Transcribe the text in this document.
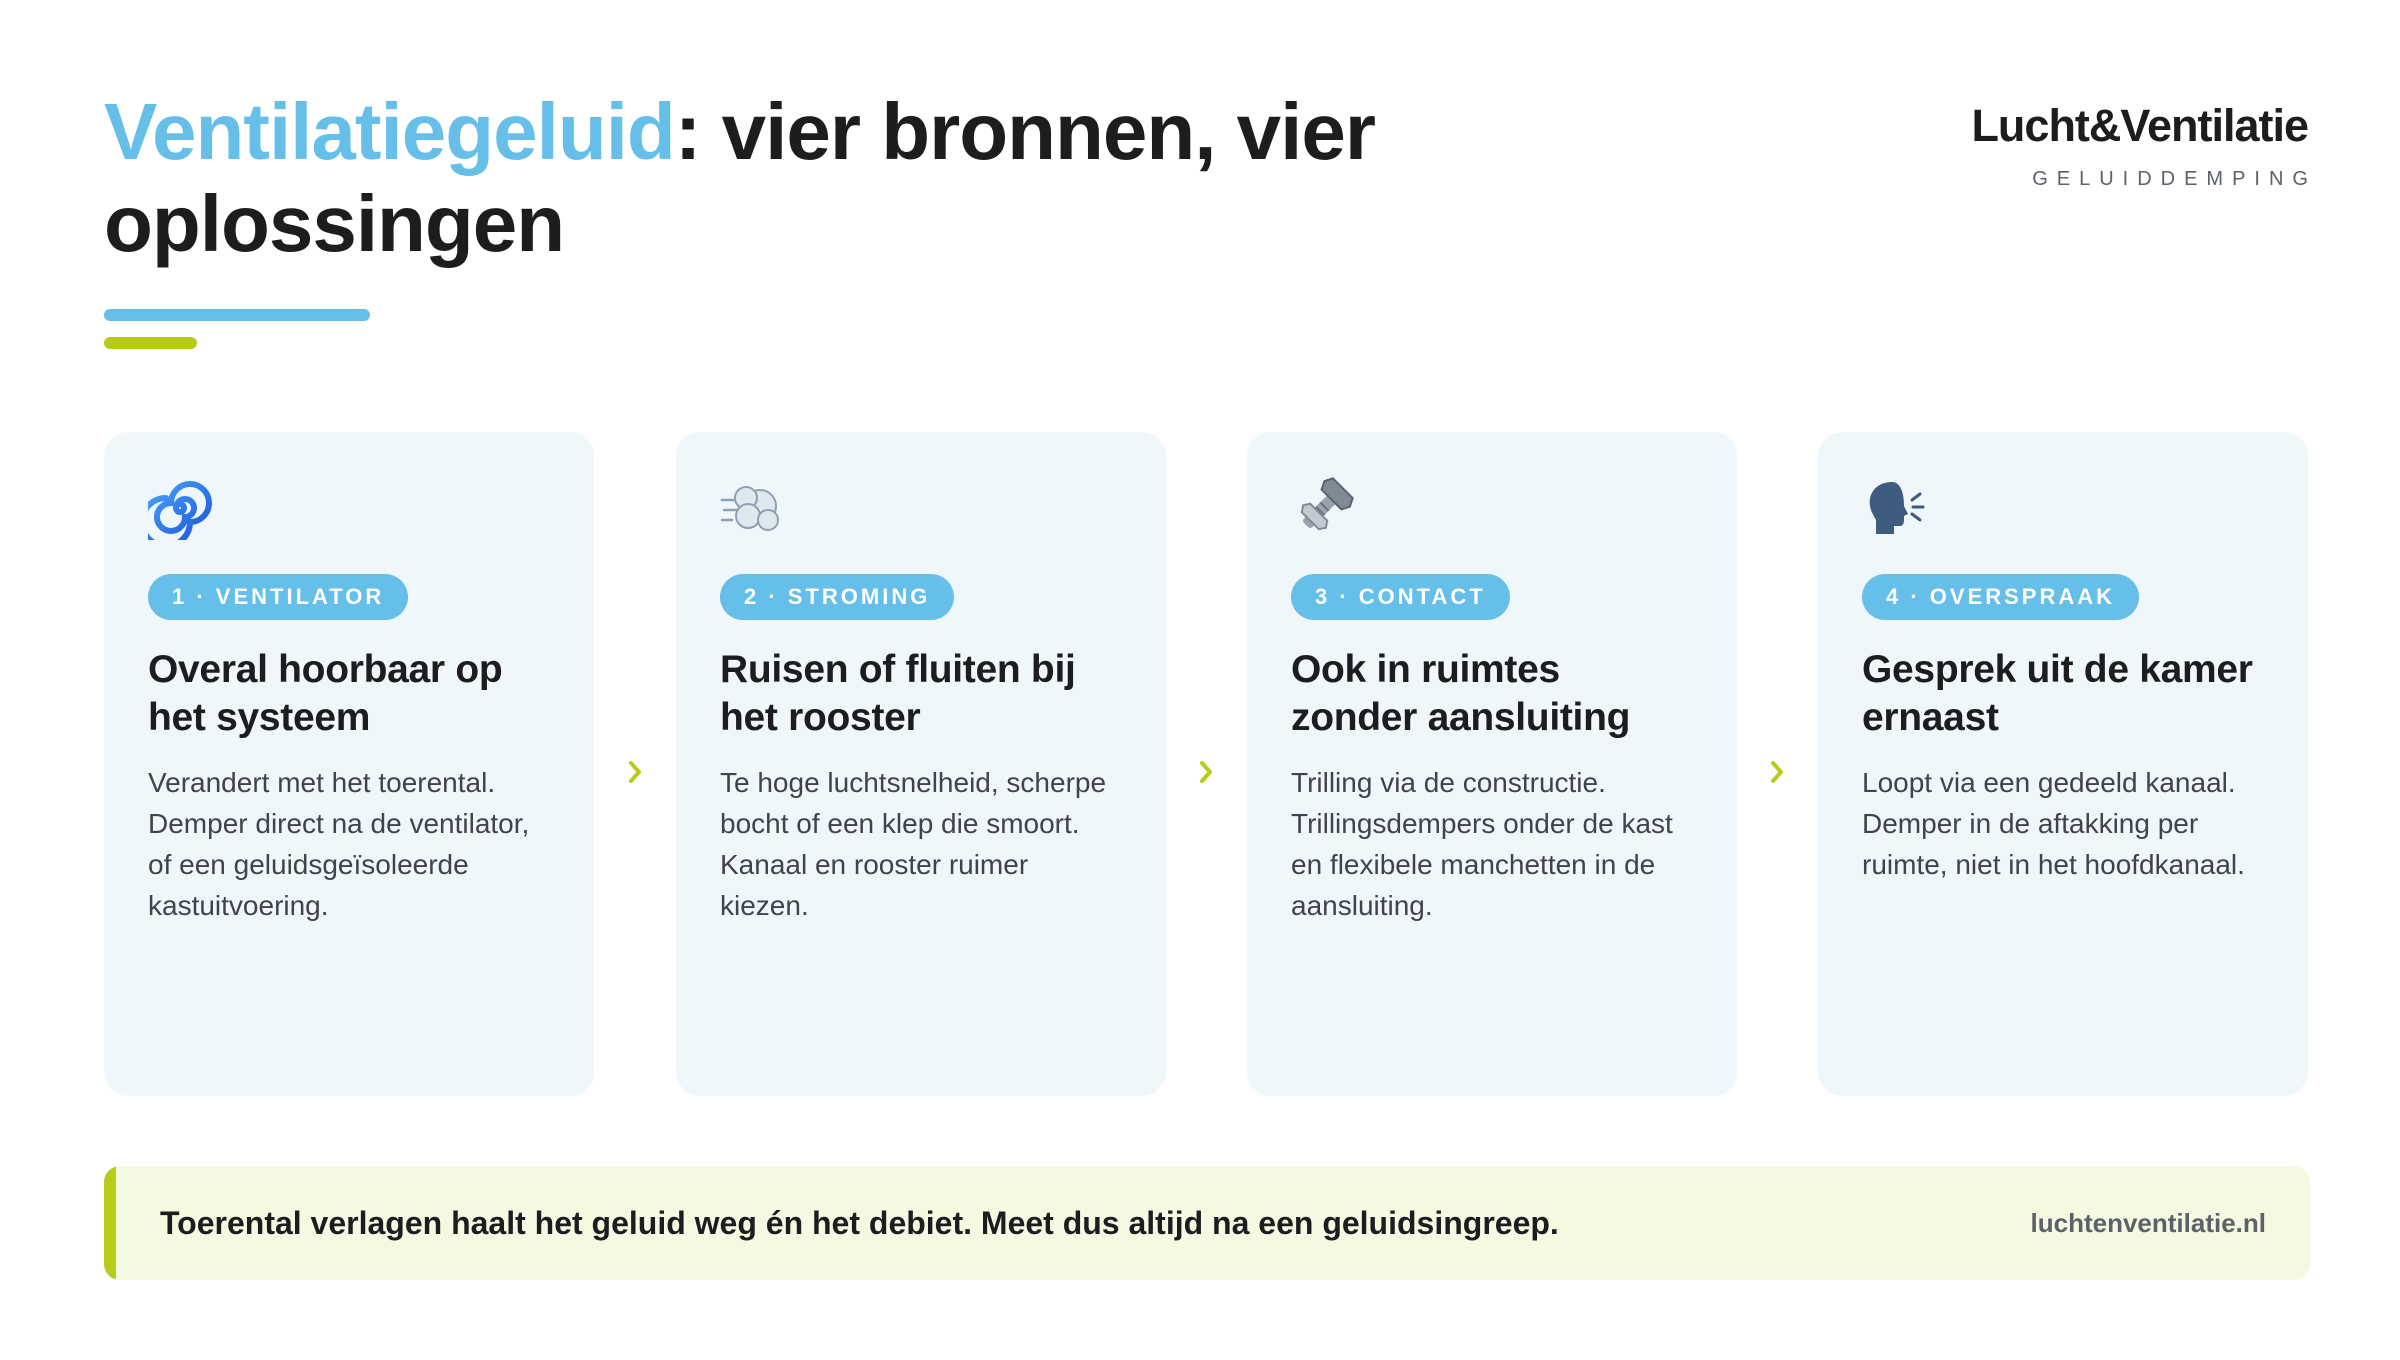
Ventilatiegeluid: vier bronnen, vier oplossingen
Lucht&Ventilatie
GELUIDDEMPING
1 · VENTILATOR
Overal hoorbaar op het systeem

Verandert met het toerental. Demper direct na de ventilator, of een geluidsgeïsoleerde kastuitvoering.

2 · STROMING
Ruisen of fluiten bij het rooster

Te hoge luchtsnelheid, scherpe bocht of een klep die smoort. Kanaal en rooster ruimer kiezen.

3 · CONTACT
Ook in ruimtes zonder aansluiting

Trilling via de constructie. Trillingsdempers onder de kast en flexibele manchetten in de aansluiting.

4 · OVERSPRAAK
Gesprek uit de kamer ernaast

Loopt via een gedeeld kanaal. Demper in de aftakking per ruimte, niet in het hoofdkanaal.

Toerental verlagen haalt het geluid weg én het debiet. Meet dus altijd na een geluidsingreep.	luchtenventilatie.nl
